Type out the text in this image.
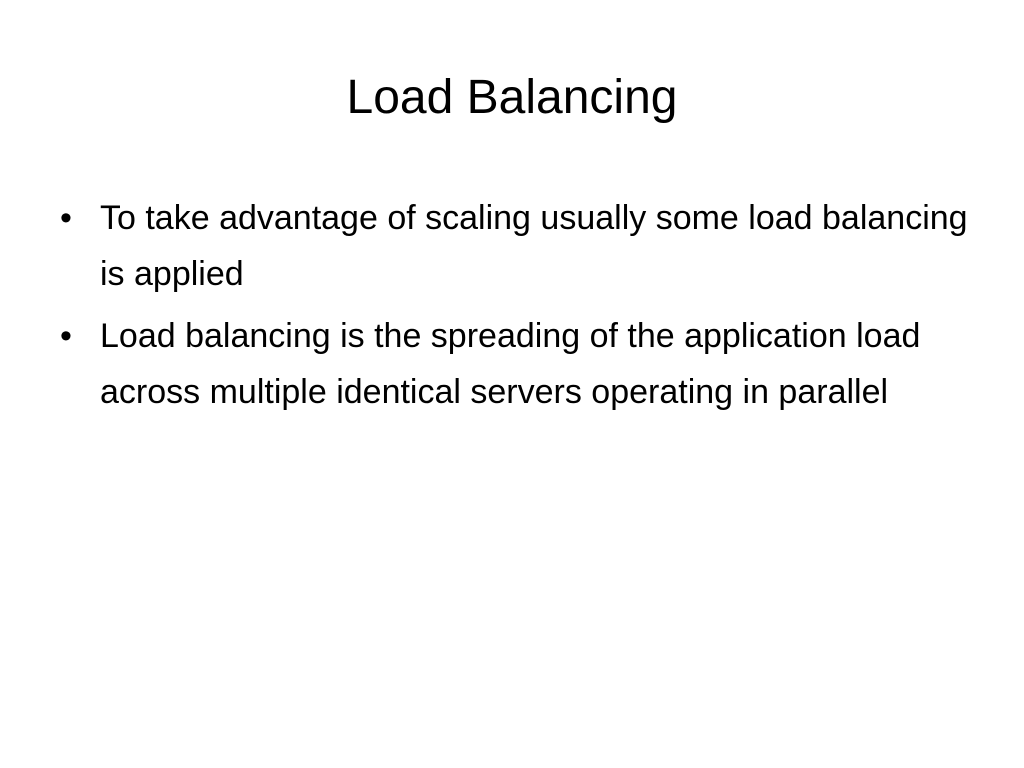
Load Balancing
• To take advantage of scaling usually some load balancing is applied
• Load balancing is the spreading of the application load across multiple identical servers operating in parallel
